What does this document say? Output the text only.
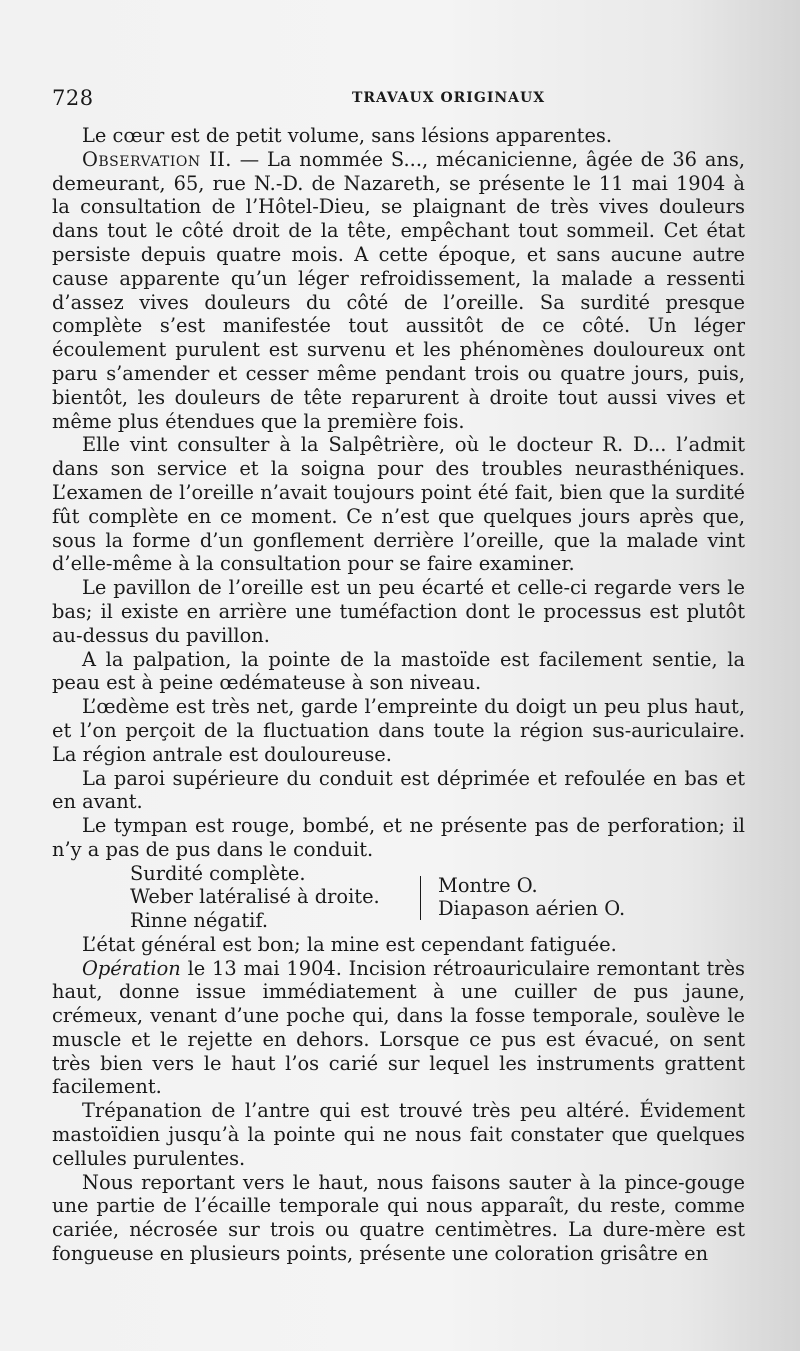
728	TRAVAUX ORIGINAUX

Le cœur est de petit volume, sans lésions apparentes.

Observation II. — La nommée S..., mécanicienne, âgée de 36 ans, demeurant, 65, rue N.-D. de Nazareth, se présente le 11 mai 1904 à la consultation de l’Hôtel-Dieu, se plaignant de très vives douleurs dans tout le côté droit de la tête, empêchant tout sommeil. Cet état persiste depuis quatre mois. A cette époque, et sans aucune autre cause apparente qu’un léger refroidissement, la malade a ressenti d’assez vives douleurs du côté de l’oreille. Sa surdité presque complète s’est manifestée tout aussitôt de ce côté. Un léger écoulement purulent est survenu et les phénomènes douloureux ont paru s’amender et cesser même pendant trois ou quatre jours, puis, bientôt, les douleurs de tête reparurent à droite tout aussi vives et même plus étendues que la première fois.

Elle vint consulter à la Salpêtrière, où le docteur R. D... l’admit dans son service et la soigna pour des troubles neurasthéniques. L’examen de l’oreille n’avait toujours point été fait, bien que la surdité fût complète en ce moment. Ce n’est que quelques jours après que, sous la forme d’un gonflement derrière l’oreille, que la malade vint d’elle-même à la consultation pour se faire examiner.

Le pavillon de l’oreille est un peu écarté et celle-ci regarde vers le bas; il existe en arrière une tuméfaction dont le processus est plutôt au-dessus du pavillon.

A la palpation, la pointe de la mastoïde est facilement sentie, la peau est à peine œdémateuse à son niveau.

L’œdème est très net, garde l’empreinte du doigt un peu plus haut, et l’on perçoit de la fluctuation dans toute la région sus-auriculaire. La région antrale est douloureuse.

La paroi supérieure du conduit est déprimée et refoulée en bas et en avant.

Le tympan est rouge, bombé, et ne présente pas de perforation; il n’y a pas de pus dans le conduit.

Surdité complète.
Weber latéralisé à droite.
Rinne négatif.
Montre O.
Diapason aérien O.

L’état général est bon; la mine est cependant fatiguée.

Opération le 13 mai 1904. Incision rétroauriculaire remontant très haut, donne issue immédiatement à une cuiller de pus jaune, crémeux, venant d’une poche qui, dans la fosse temporale, soulève le muscle et le rejette en dehors. Lorsque ce pus est évacué, on sent très bien vers le haut l’os carié sur lequel les instruments grattent facilement.

Trépanation de l’antre qui est trouvé très peu altéré. Évidement mastoïdien jusqu’à la pointe qui ne nous fait constater que quelques cellules purulentes.

Nous reportant vers le haut, nous faisons sauter à la pince-gouge une partie de l’écaille temporale qui nous apparaît, du reste, comme cariée, nécrosée sur trois ou quatre centimètres. La dure-mère est fongueuse en plusieurs points, présente une coloration grisâtre en
